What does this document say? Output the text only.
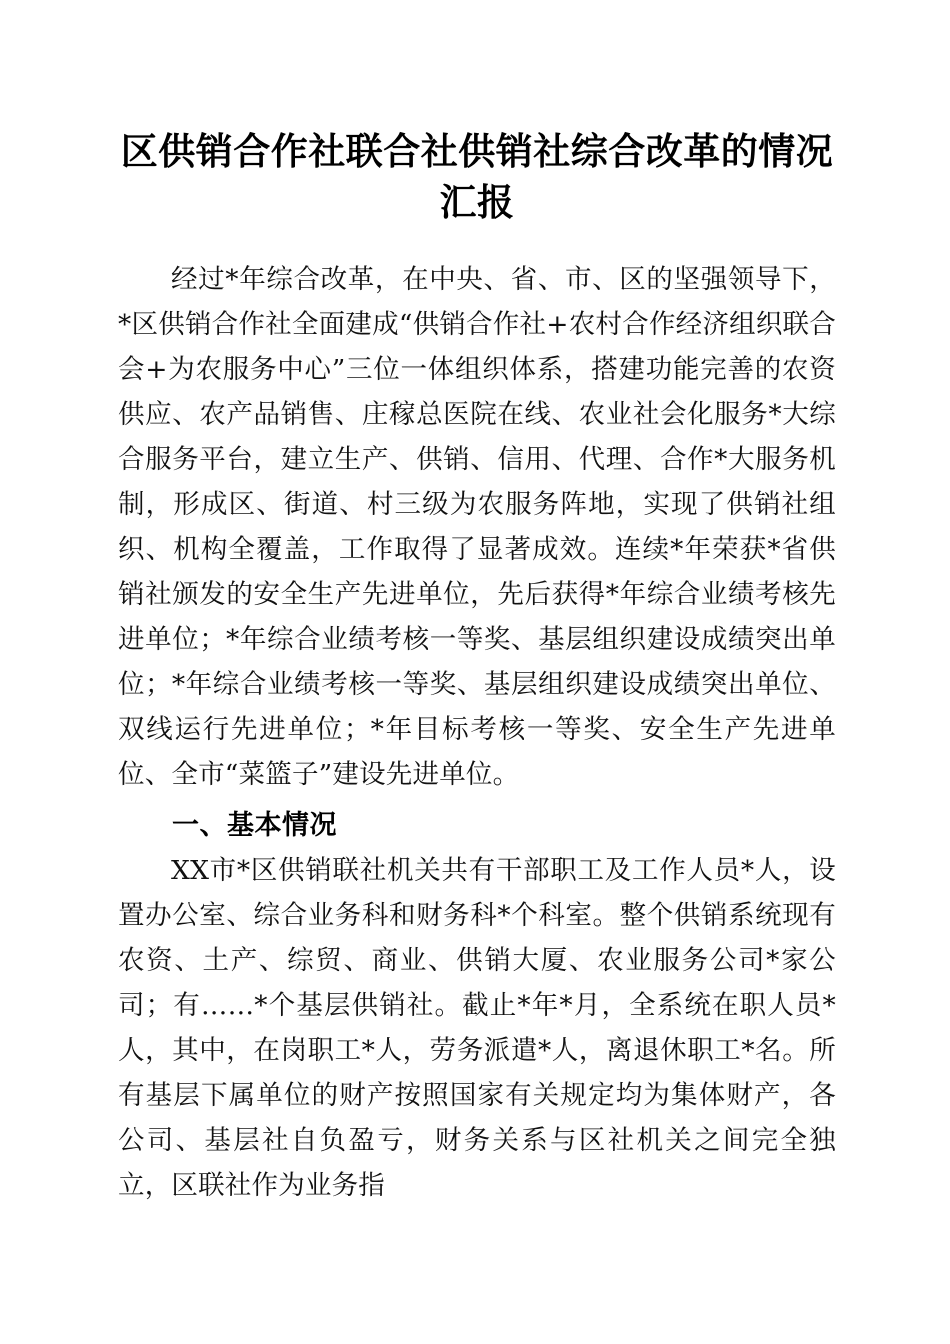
区供销合作社联合社供销社综合改革的情况汇报

经过*年综合改革，在中央、省、市、区的坚强领导下，*区供销合作社全面建成“供销合作社+农村合作经济组织联合会+为农服务中心”三位一体组织体系，搭建功能完善的农资供应、农产品销售、庄稼总医院在线、农业社会化服务*大综合服务平台，建立生产、供销、信用、代理、合作*大服务机制，形成区、街道、村三级为农服务阵地，实现了供销社组织、机构全覆盖，工作取得了显著成效。连续*年荣获*省供销社颁发的安全生产先进单位，先后获得*年综合业绩考核先进单位；*年综合业绩考核一等奖、基层组织建设成绩突出单位；*年综合业绩考核一等奖、基层组织建设成绩突出单位、双线运行先进单位；*年目标考核一等奖、安全生产先进单位、全市“菜篮子”建设先进单位。

一、基本情况

XX市*区供销联社机关共有干部职工及工作人员*人，设置办公室、综合业务科和财务科*个科室。整个供销系统现有农资、土产、综贸、商业、供销大厦、农业服务公司*家公司；有……*个基层供销社。截止*年*月，全系统在职人员*人，其中，在岗职工*人，劳务派遣*人，离退休职工*名。所有基层下属单位的财产按照国家有关规定均为集体财产，各公司、基层社自负盈亏，财务关系与区社机关之间完全独立，区联社作为业务指
